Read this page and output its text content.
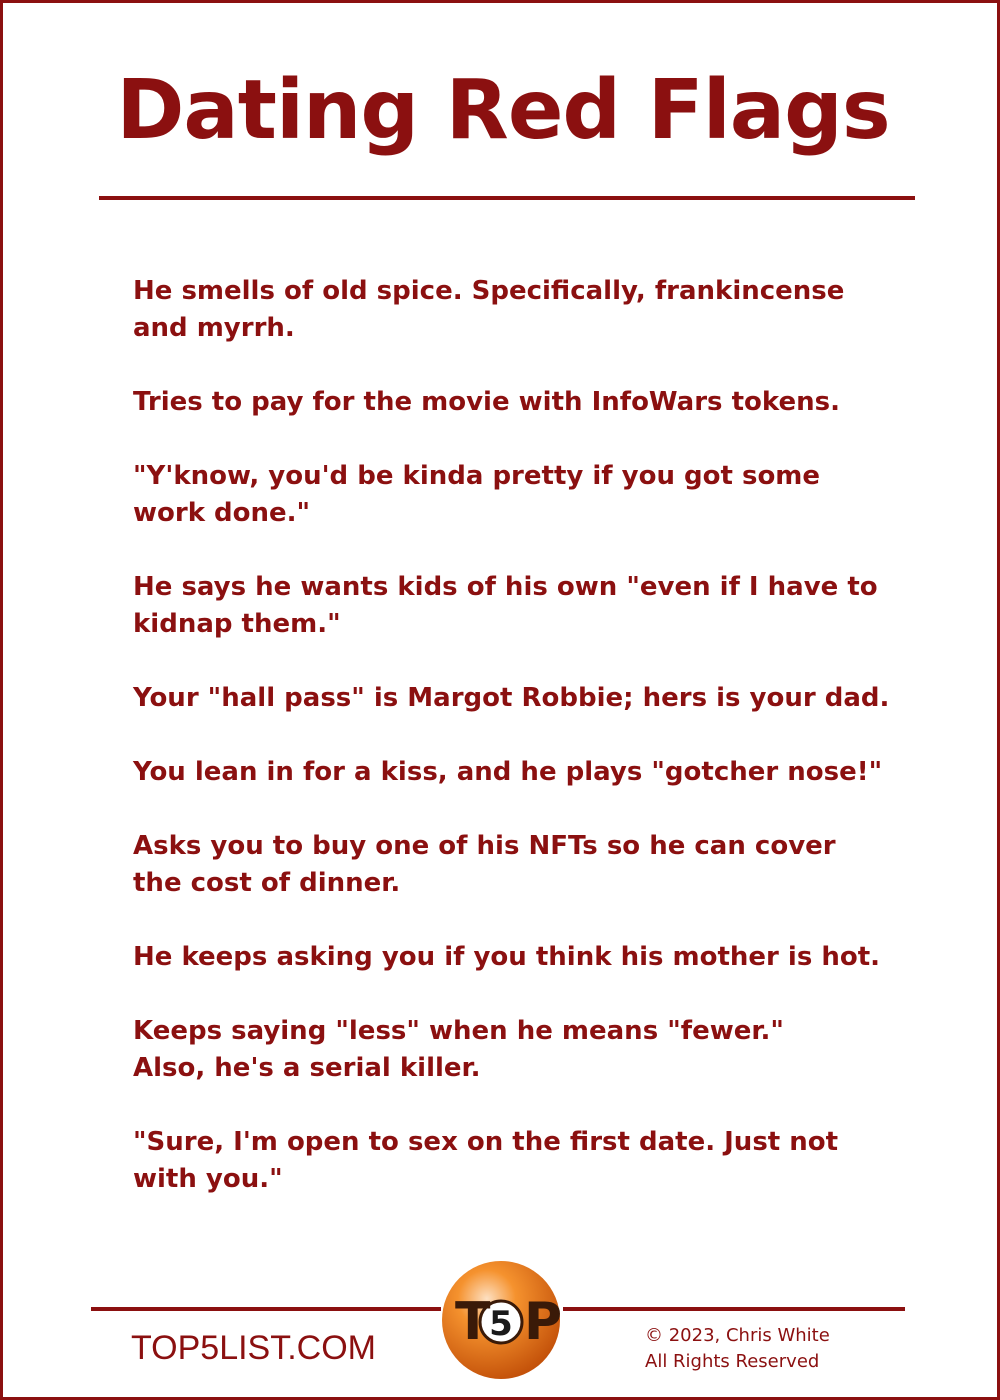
Dating Red Flags

He smells of old spice. Specifically, frankincense
and myrrh.

Tries to pay for the movie with InfoWars tokens.

"Y'know, you'd be kinda pretty if you got some
work done."

He says he wants kids of his own "even if I have to
kidnap them."

Your "hall pass" is Margot Robbie; hers is your dad.

You lean in for a kiss, and he plays "gotcher nose!"

Asks you to buy one of his NFTs so he can cover
the cost of dinner.

He keeps asking you if you think his mother is hot.

Keeps saying "less" when he means "fewer."
Also, he's a serial killer.

"Sure, I'm open to sex on the first date. Just not
with you."

TOP5LIST.COM T P
5	© 2023, Chris White
All Rights Reserved
